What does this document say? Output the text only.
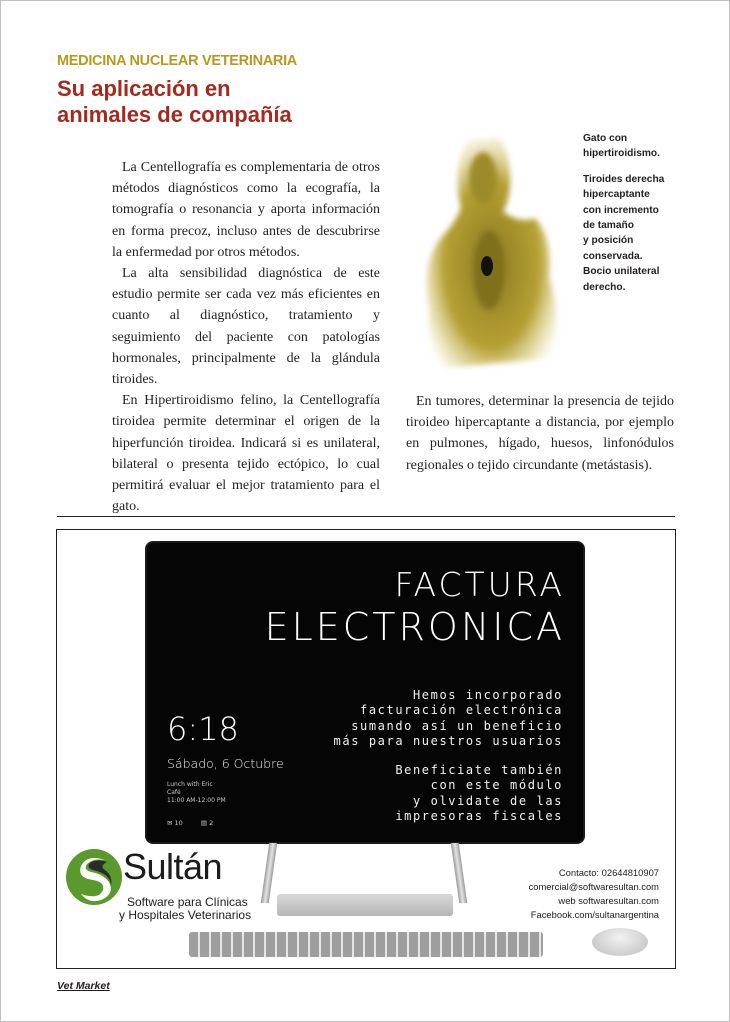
MEDICINA NUCLEAR VETERINARIA
Su aplicación en
animales de compañía

La Centellografía es complementaria de otros métodos diagnósticos como la ecografía, la tomografía o resonancia y aporta información en forma precoz, incluso antes de descubrirse la enfermedad por otros métodos.

La alta sensibilidad diagnóstica de este estudio permite ser cada vez más eficientes en cuanto al diagnóstico, tratamiento y seguimiento del paciente con patologías hormonales, principalmente de la glándula tiroides.

En Hipertiroidismo felino, la Centellografía tiroidea permite determinar el origen de la hiperfunción tiroidea. Indicará si es unilateral, bilateral o presenta tejido ectópico, lo cual permitirá evaluar el mejor tratamiento para el gato.

Gato con
hipertiroidismo.
Tiroides derecha
hipercaptante
con incremento
de tamaño
y posición
conservada.
Bocio unilateral
derecho.

En tumores, determinar la presencia de tejido tiroideo hipercaptante a distancia, por ejemplo en pulmones, hígado, huesos, linfonódulos regionales o tejido circundante (metástasis).

FACTURA
ELECTRONICA
Hemos incorporado
facturación electrónica
sumando así un beneficio
más para nuestros usuarios
Beneficiate también
con este módulo
y olvidate de las
impresoras fiscales
6:18
Sábado, 6 Octubre
Lunch with Eric
Café
11:00 AM-12:00 PM
✉ 10	▤ 2
Sultán
Software para Clínicas
y Hospitales Veterinarios
Contacto: 02644810907
comercial@softwaresultan.com
web softwaresultan.com
Facebook.com/sultanargentina
Vet Market
